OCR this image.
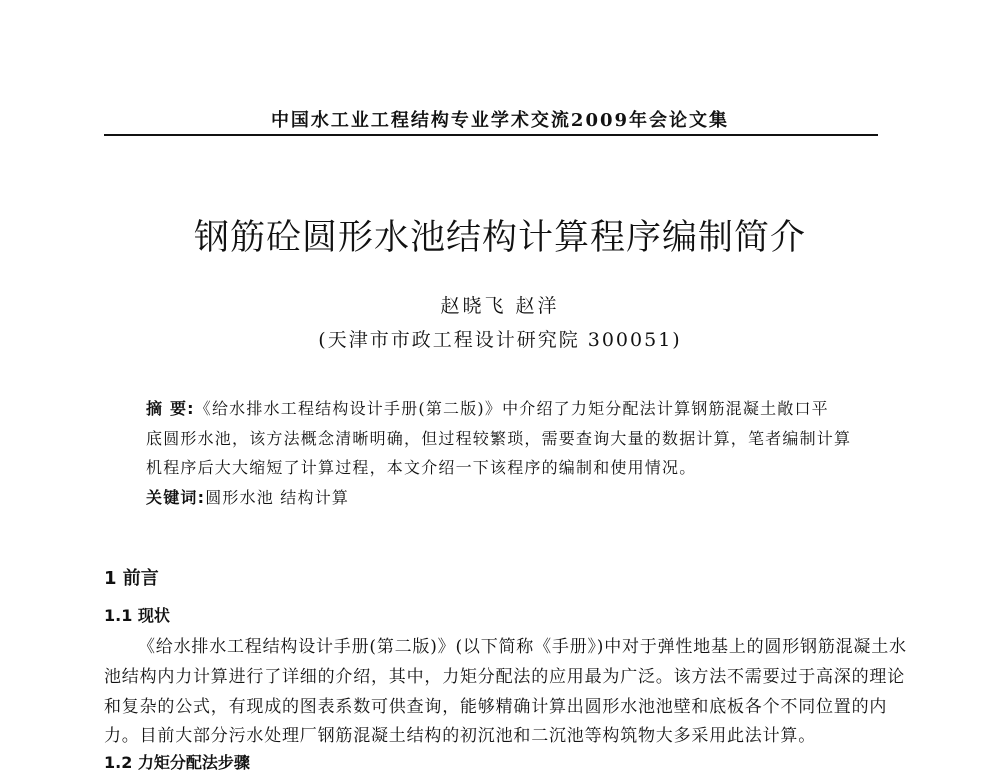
中国水工业工程结构专业学术交流2009年会论文集
钢筋砼圆形水池结构计算程序编制简介
赵晓飞 赵洋
(天津市市政工程设计研究院 300051)
摘 要:《给水排水工程结构设计手册(第二版)》中介绍了力矩分配法计算钢筋混凝土敞口平
底圆形水池，该方法概念清晰明确，但过程较繁琐，需要查询大量的数据计算，笔者编制计算
机程序后大大缩短了计算过程，本文介绍一下该程序的编制和使用情况。
关键词:圆形水池 结构计算
1 前言
1.1 现状
《给水排水工程结构设计手册(第二版)》(以下简称《手册》)中对于弹性地基上的圆形钢筋混凝土水
池结构内力计算进行了详细的介绍，其中，力矩分配法的应用最为广泛。该方法不需要过于高深的理论
和复杂的公式，有现成的图表系数可供查询，能够精确计算出圆形水池池壁和底板各个不同位置的内
力。目前大部分污水处理厂钢筋混凝土结构的初沉池和二沉池等构筑物大多采用此法计算。
1.2 力矩分配法步骤
